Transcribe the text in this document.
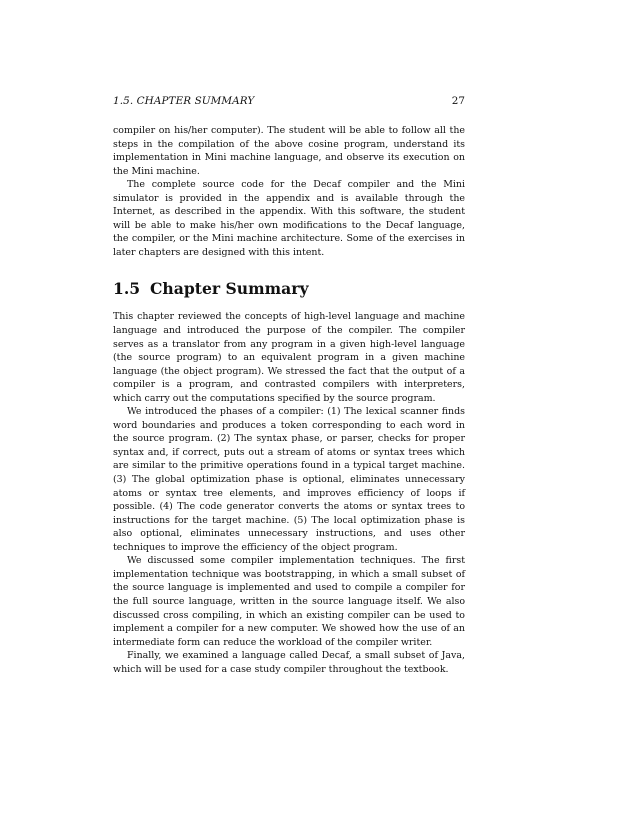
1.5. CHAPTER SUMMARY	27

compiler on his/her computer). The student will be able to follow all the steps in the compilation of the above cosine program, understand its implementation in Mini machine language, and observe its execution on the Mini machine.

The complete source code for the Decaf compiler and the Mini simulator is provided in the appendix and is available through the Internet, as described in the appendix. With this software, the student will be able to make his/her own modifications to the Decaf language, the compiler, or the Mini machine architecture. Some of the exercises in later chapters are designed with this intent.

1.5 Chapter Summary

This chapter reviewed the concepts of high-level language and machine language and introduced the purpose of the compiler. The compiler serves as a translator from any program in a given high-level language (the source program) to an equivalent program in a given machine language (the object program). We stressed the fact that the output of a compiler is a program, and contrasted compilers with interpreters, which carry out the computations specified by the source program.

We introduced the phases of a compiler: (1) The lexical scanner finds word boundaries and produces a token corresponding to each word in the source program. (2) The syntax phase, or parser, checks for proper syntax and, if correct, puts out a stream of atoms or syntax trees which are similar to the primitive operations found in a typical target machine. (3) The global optimization phase is optional, eliminates unnecessary atoms or syntax tree elements, and improves efficiency of loops if possible. (4) The code generator converts the atoms or syntax trees to instructions for the target machine. (5) The local optimization phase is also optional, eliminates unnecessary instructions, and uses other techniques to improve the efficiency of the object program.

We discussed some compiler implementation techniques. The first implementation technique was bootstrapping, in which a small subset of the source language is implemented and used to compile a compiler for the full source language, written in the source language itself. We also discussed cross compiling, in which an existing compiler can be used to implement a compiler for a new computer. We showed how the use of an intermediate form can reduce the workload of the compiler writer.

Finally, we examined a language called Decaf, a small subset of Java, which will be used for a case study compiler throughout the textbook.
